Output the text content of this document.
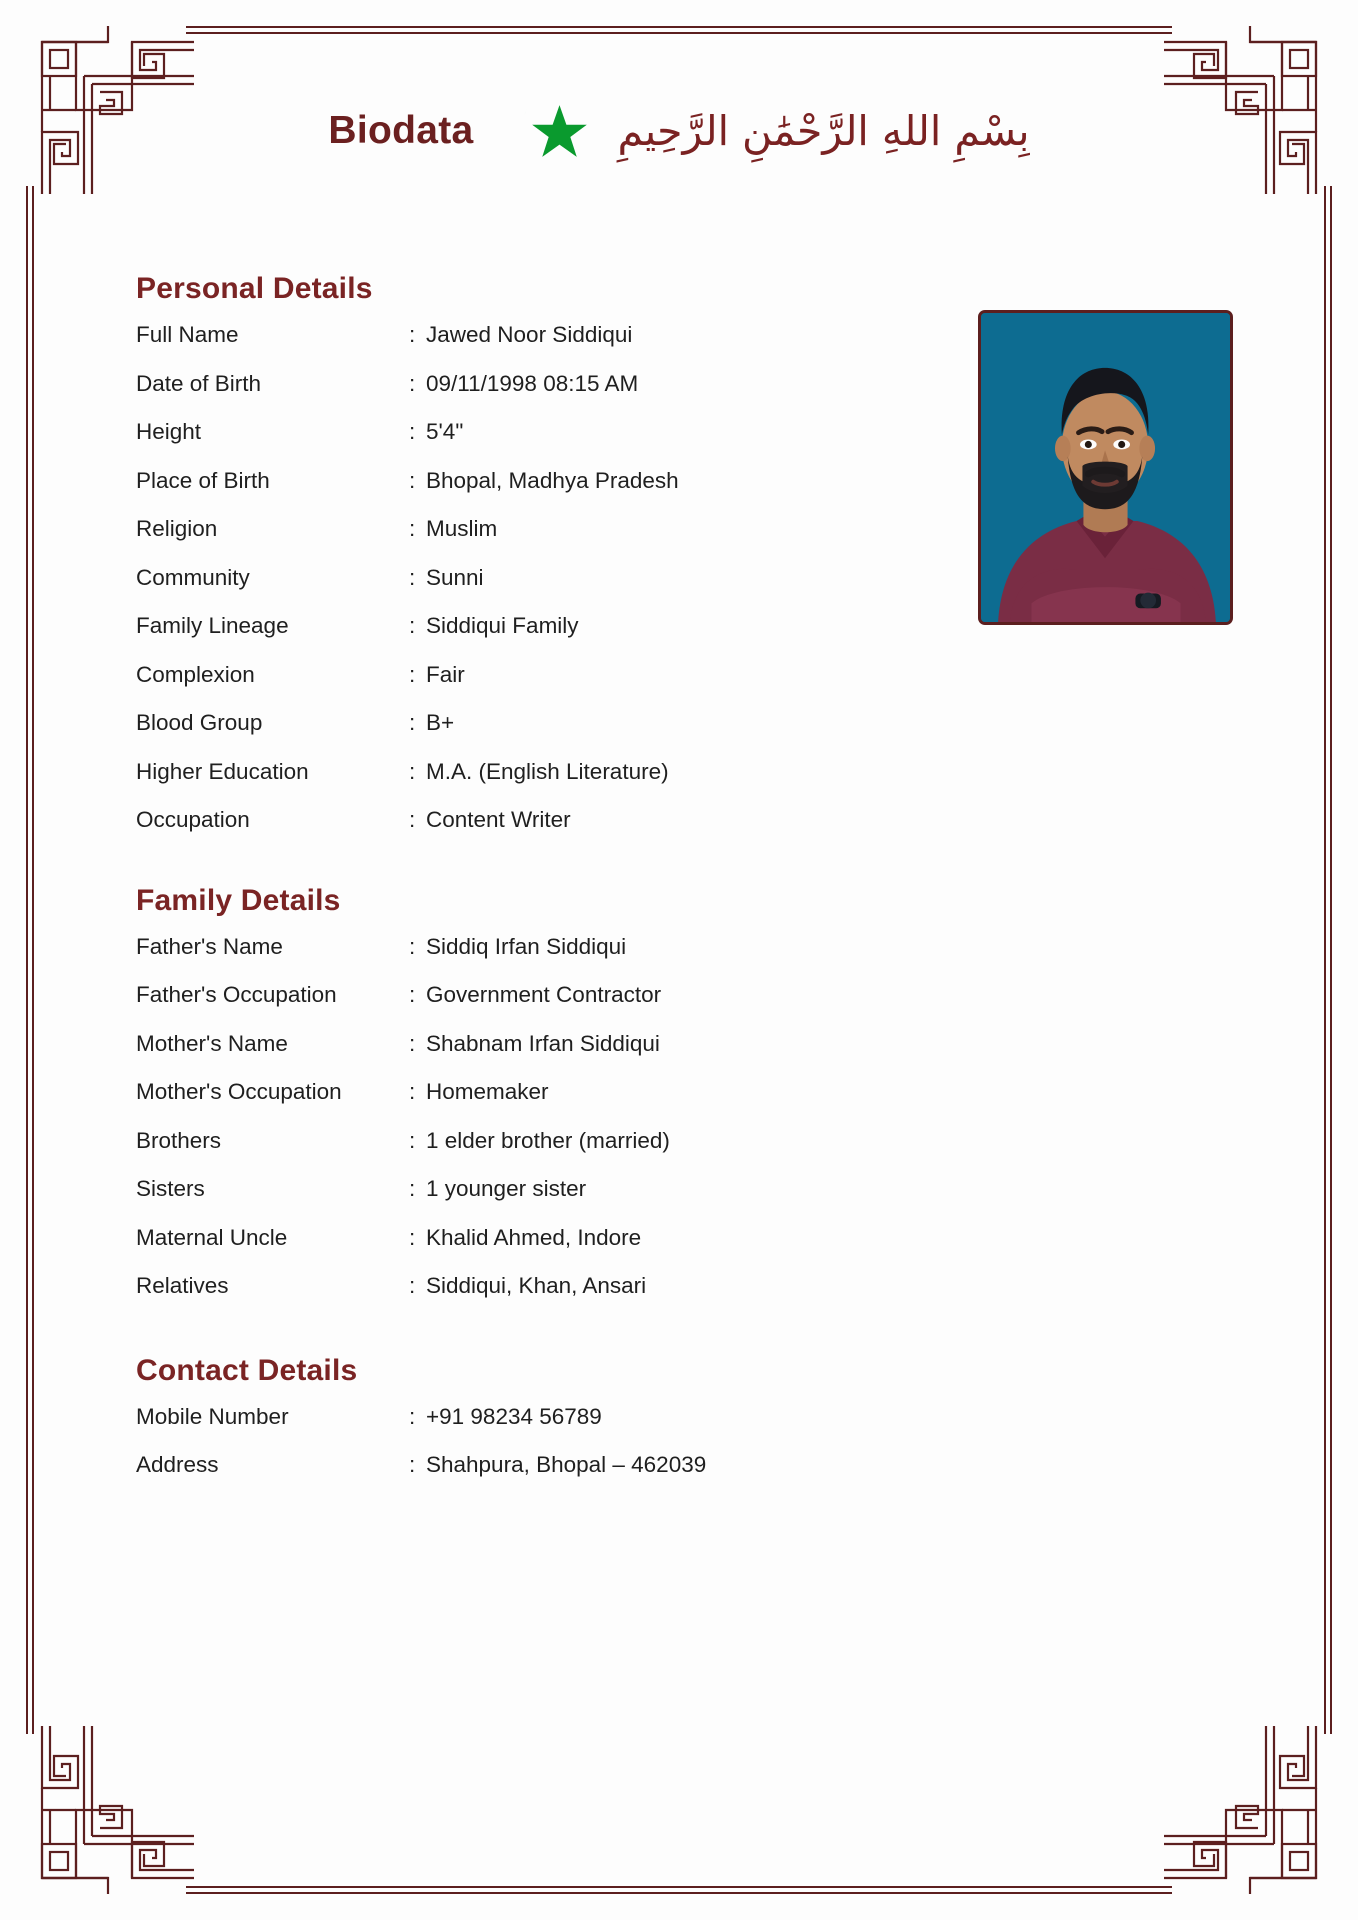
Biodata	بِسْمِ اللهِ الرَّحْمَٰنِ الرَّحِيمِ
Personal Details
Full Name	: Jawed Noor Siddiqui
Date of Birth	: 09/11/1998 08:15 AM
Height	: 5'4"
Place of Birth	: Bhopal, Madhya Pradesh
Religion	: Muslim
Community	: Sunni
Family Lineage	: Siddiqui Family
Complexion	: Fair
Blood Group	: B+
Higher Education	: M.A. (English Literature)
Occupation	: Content Writer
Family Details
Father's Name	: Siddiq Irfan Siddiqui
Father's Occupation	: Government Contractor
Mother's Name	: Shabnam Irfan Siddiqui
Mother's Occupation	: Homemaker
Brothers	: 1 elder brother (married)
Sisters	: 1 younger sister
Maternal Uncle	: Khalid Ahmed, Indore
Relatives	: Siddiqui, Khan, Ansari
Contact Details
Mobile Number	: +91 98234 56789
Address	: Shahpura, Bhopal – 462039
